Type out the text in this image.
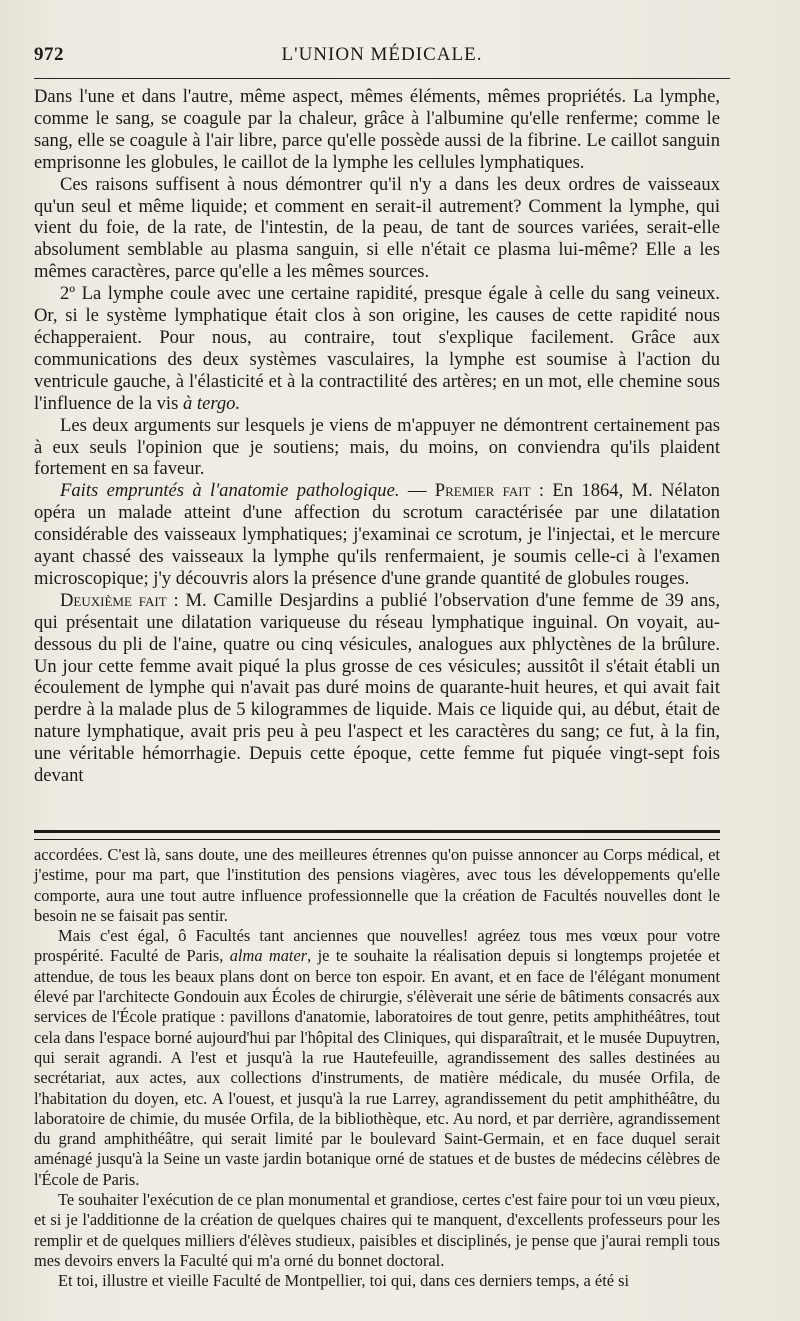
972	L'UNION MÉDICALE.

Dans l'une et dans l'autre, même aspect, mêmes éléments, mêmes propriétés. La lymphe, comme le sang, se coagule par la chaleur, grâce à l'albumine qu'elle renferme; comme le sang, elle se coagule à l'air libre, parce qu'elle possède aussi de la fibrine. Le caillot sanguin emprisonne les globules, le caillot de la lymphe les cellules lymphatiques.

Ces raisons suffisent à nous démontrer qu'il n'y a dans les deux ordres de vaisseaux qu'un seul et même liquide; et comment en serait-il autrement? Comment la lymphe, qui vient du foie, de la rate, de l'intestin, de la peau, de tant de sources variées, serait-elle absolument semblable au plasma sanguin, si elle n'était ce plasma lui-même? Elle a les mêmes caractères, parce qu'elle a les mêmes sources.

2º La lymphe coule avec une certaine rapidité, presque égale à celle du sang veineux. Or, si le système lymphatique était clos à son origine, les causes de cette rapidité nous échapperaient. Pour nous, au contraire, tout s'explique facilement. Grâce aux communications des deux systèmes vasculaires, la lymphe est soumise à l'action du ventricule gauche, à l'élasticité et à la contractilité des artères; en un mot, elle chemine sous l'influence de la vis à tergo.

Les deux arguments sur lesquels je viens de m'appuyer ne démontrent certainement pas à eux seuls l'opinion que je soutiens; mais, du moins, on conviendra qu'ils plaident fortement en sa faveur.

Faits empruntés à l'anatomie pathologique. — Premier fait : En 1864, M. Nélaton opéra un malade atteint d'une affection du scrotum caractérisée par une dilatation considérable des vaisseaux lymphatiques; j'examinai ce scrotum, je l'injectai, et le mercure ayant chassé des vaisseaux la lymphe qu'ils renfermaient, je soumis celle-ci à l'examen microscopique; j'y découvris alors la présence d'une grande quantité de globules rouges.

Deuxième fait : M. Camille Desjardins a publié l'observation d'une femme de 39 ans, qui présentait une dilatation variqueuse du réseau lymphatique inguinal. On voyait, au-dessous du pli de l'aine, quatre ou cinq vésicules, analogues aux phlyctènes de la brûlure. Un jour cette femme avait piqué la plus grosse de ces vésicules; aussitôt il s'était établi un écoulement de lymphe qui n'avait pas duré moins de quarante-huit heures, et qui avait fait perdre à la malade plus de 5 kilogrammes de liquide. Mais ce liquide qui, au début, était de nature lymphatique, avait pris peu à peu l'aspect et les caractères du sang; ce fut, à la fin, une véritable hémorrhagie. Depuis cette époque, cette femme fut piquée vingt-sept fois devant

accordées. C'est là, sans doute, une des meilleures étrennes qu'on puisse annoncer au Corps médical, et j'estime, pour ma part, que l'institution des pensions viagères, avec tous les développements qu'elle comporte, aura une tout autre influence professionnelle que la création de Facultés nouvelles dont le besoin ne se faisait pas sentir.

Mais c'est égal, ô Facultés tant anciennes que nouvelles! agréez tous mes vœux pour votre prospérité. Faculté de Paris, alma mater, je te souhaite la réalisation depuis si longtemps projetée et attendue, de tous les beaux plans dont on berce ton espoir. En avant, et en face de l'élégant monument élevé par l'architecte Gondouin aux Écoles de chirurgie, s'élèverait une série de bâtiments consacrés aux services de l'École pratique : pavillons d'anatomie, laboratoires de tout genre, petits amphithéâtres, tout cela dans l'espace borné aujourd'hui par l'hôpital des Cliniques, qui disparaîtrait, et le musée Dupuytren, qui serait agrandi. A l'est et jusqu'à la rue Hautefeuille, agrandissement des salles destinées au secrétariat, aux actes, aux collections d'instruments, de matière médicale, du musée Orfila, de l'habitation du doyen, etc. A l'ouest, et jusqu'à la rue Larrey, agrandissement du petit amphithéâtre, du laboratoire de chimie, du musée Orfila, de la bibliothèque, etc. Au nord, et par derrière, agrandissement du grand amphithéâtre, qui serait limité par le boulevard Saint-Germain, et en face duquel serait aménagé jusqu'à la Seine un vaste jardin botanique orné de statues et de bustes de médecins célèbres de l'École de Paris.

Te souhaiter l'exécution de ce plan monumental et grandiose, certes c'est faire pour toi un vœu pieux, et si je l'additionne de la création de quelques chaires qui te manquent, d'excellents professeurs pour les remplir et de quelques milliers d'élèves studieux, paisibles et disciplinés, je pense que j'aurai rempli tous mes devoirs envers la Faculté qui m'a orné du bonnet doctoral.

Et toi, illustre et vieille Faculté de Montpellier, toi qui, dans ces derniers temps, a été si
